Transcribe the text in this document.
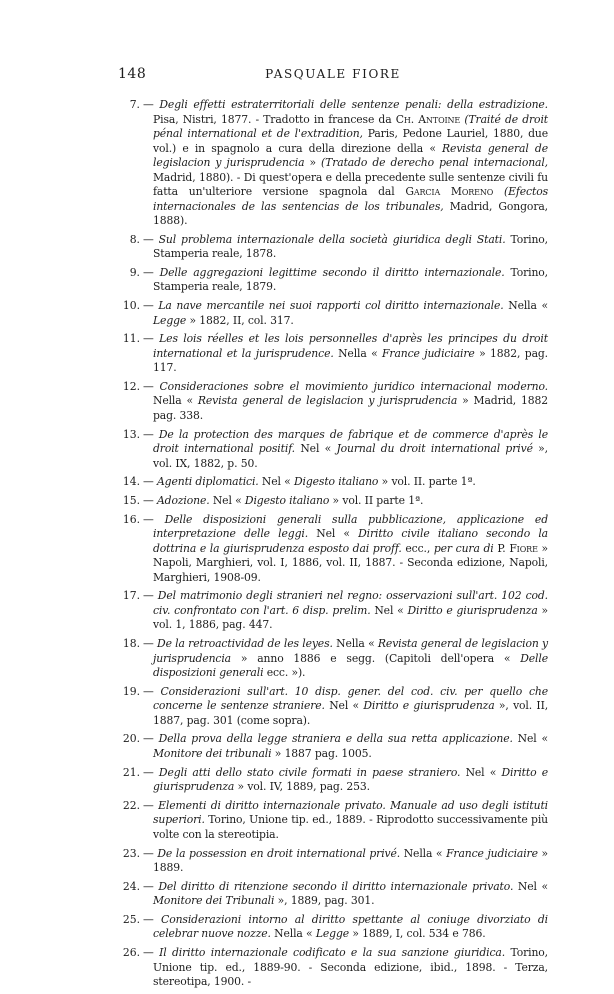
148	PASQUALE FIORE
7. — Degli effetti estraterritoriali delle sentenze penali: della estradizione. Pisa, Nistri, 1877. - Tradotto in francese da Ch. Antoine (Traité de droit pénal international et de l'extradition, Paris, Pedone Lauriel, 1880, due vol.) e in spagnolo a cura della direzione della « Revista general de legislacion y jurisprudencia » (Tratado de derecho penal internacional, Madrid, 1880). - Di quest'opera e della precedente sulle sentenze civili fu fatta un'ulteriore versione spagnola dal Garcia Moreno (Efectos internacionales de las sentencias de los tribunales, Madrid, Gongora, 1888).
8. — Sul problema internazionale della società giuridica degli Stati. Torino, Stamperia reale, 1878.
9. — Delle aggregazioni legittime secondo il diritto internazionale. Torino, Stamperia reale, 1879.
10. — La nave mercantile nei suoi rapporti col diritto internazionale. Nella « Legge » 1882, II, col. 317.
11. — Les lois réelles et les lois personnelles d'après les principes du droit international et la jurisprudence. Nella « France judiciaire » 1882, pag. 117.
12. — Consideraciones sobre el movimiento juridico internacional moderno. Nella « Revista general de legislacion y jurisprudencia » Madrid, 1882 pag. 338.
13. — De la protection des marques de fabrique et de commerce d'après le droit international positif. Nel « Journal du droit international privé », vol. IX, 1882, p. 50.
14. — Agenti diplomatici. Nel « Digesto italiano » vol. II. parte 1ª.
15. — Adozione. Nel « Digesto italiano » vol. II parte 1ª.
16. — Delle disposizioni generali sulla pubblicazione, applicazione ed interpretazione delle leggi. Nel « Diritto civile italiano secondo la dottrina e la giurisprudenza esposto dai proff. ecc., per cura di P. Fiore » Napoli, Marghieri, vol. I, 1886, vol. II, 1887. - Seconda edizione, Napoli, Marghieri, 1908-09.
17. — Del matrimonio degli stranieri nel regno: osservazioni sull'art. 102 cod. civ. confrontato con l'art. 6 disp. prelim. Nel « Diritto e giurisprudenza » vol. 1, 1886, pag. 447.
18. — De la retroactividad de les leyes. Nella « Revista general de legislacion y jurisprudencia » anno 1886 e segg. (Capitoli dell'opera « Delle disposizioni generali ecc. »).
19. — Considerazioni sull'art. 10 disp. gener. del cod. civ. per quello che concerne le sentenze straniere. Nel « Diritto e giurisprudenza », vol. II, 1887, pag. 301 (come sopra).
20. — Della prova della legge straniera e della sua retta applicazione. Nel « Monitore dei tribunali » 1887 pag. 1005.
21. — Degli atti dello stato civile formati in paese straniero. Nel « Diritto e giurisprudenza » vol. IV, 1889, pag. 253.
22. — Elementi di diritto internazionale privato. Manuale ad uso degli istituti superiori. Torino, Unione tip. ed., 1889. - Riprodotto successivamente più volte con la stereotipia.
23. — De la possession en droit international privé. Nella « France judiciaire » 1889.
24. — Del diritto di ritenzione secondo il diritto internazionale privato. Nel « Monitore dei Tribunali », 1889, pag. 301.
25. — Considerazioni intorno al diritto spettante al coniuge divorziato di celebrar nuove nozze. Nella « Legge » 1889, I, col. 534 e 786.
26. — Il diritto internazionale codificato e la sua sanzione giuridica. Torino, Unione tip. ed., 1889-90. - Seconda edizione, ibid., 1898. - Terza, stereotipa, 1900. -
